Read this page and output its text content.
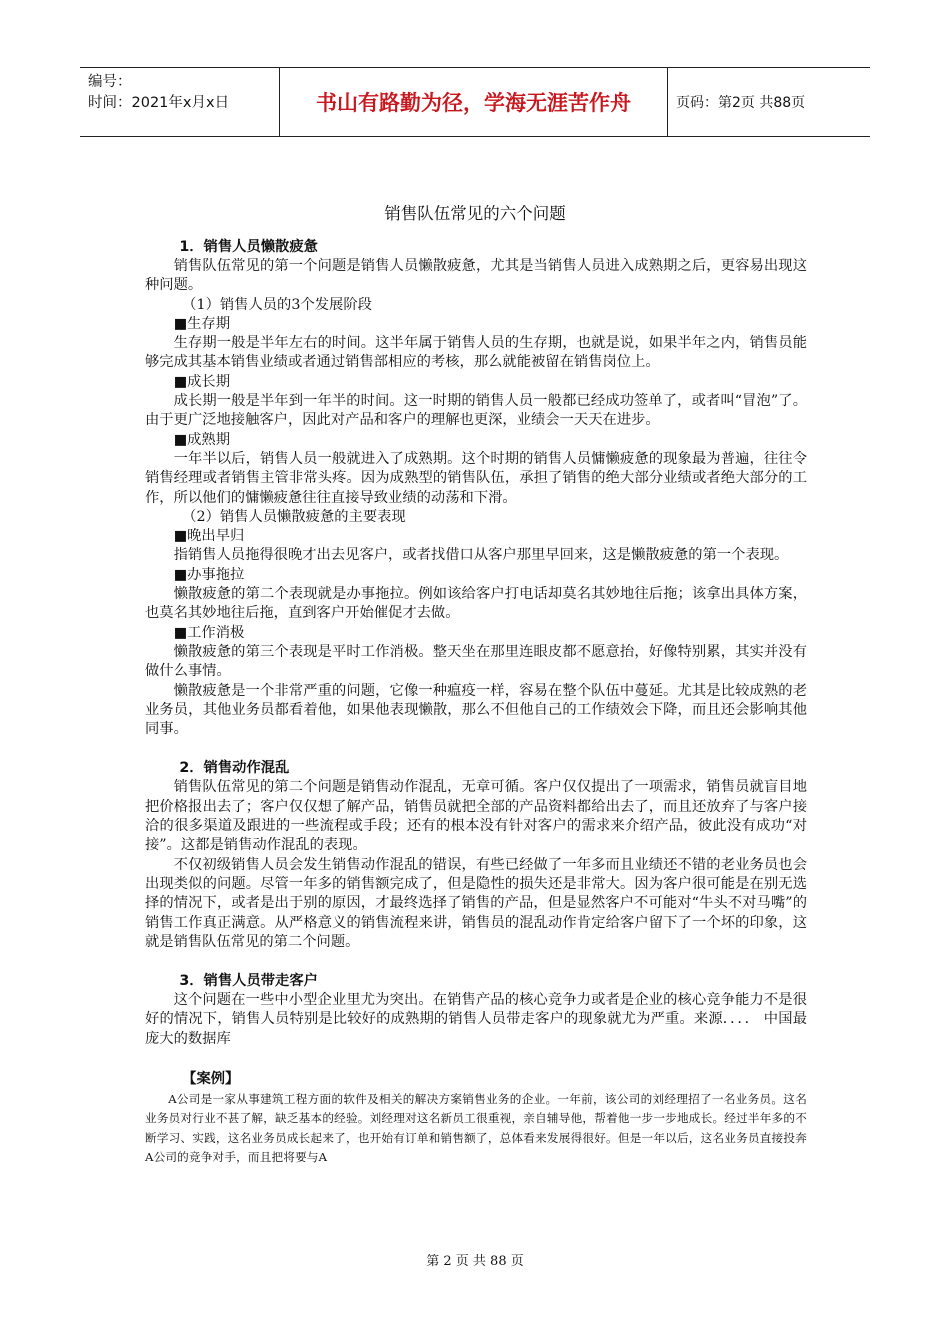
编号：
时间：2021年x月x日	书山有路勤为径，学海无涯苦作舟	页码：第2页 共88页
销售队伍常见的六个问题
1．销售人员懒散疲惫

销售队伍常见的第一个问题是销售人员懒散疲惫，尤其是当销售人员进入成熟期之后，更容易出现这种问题。

（1）销售人员的3个发展阶段

■生存期

生存期一般是半年左右的时间。这半年属于销售人员的生存期，也就是说，如果半年之内，销售员能够完成其基本销售业绩或者通过销售部相应的考核，那么就能被留在销售岗位上。

■成长期

成长期一般是半年到一年半的时间。这一时期的销售人员一般都已经成功签单了，或者叫“冒泡”了。由于更广泛地接触客户，因此对产品和客户的理解也更深，业绩会一天天在进步。

■成熟期

一年半以后，销售人员一般就进入了成熟期。这个时期的销售人员慵懒疲惫的现象最为普遍，往往令销售经理或者销售主管非常头疼。因为成熟型的销售队伍，承担了销售的绝大部分业绩或者绝大部分的工作，所以他们的慵懒疲惫往往直接导致业绩的动荡和下滑。

（2）销售人员懒散疲惫的主要表现

■晚出早归

指销售人员拖得很晚才出去见客户，或者找借口从客户那里早回来，这是懒散疲惫的第一个表现。

■办事拖拉

懒散疲惫的第二个表现就是办事拖拉。例如该给客户打电话却莫名其妙地往后拖；该拿出具体方案，也莫名其妙地往后拖，直到客户开始催促才去做。

■工作消极

懒散疲惫的第三个表现是平时工作消极。整天坐在那里连眼皮都不愿意抬，好像特别累，其实并没有做什么事情。

懒散疲惫是一个非常严重的问题，它像一种瘟疫一样，容易在整个队伍中蔓延。尤其是比较成熟的老业务员，其他业务员都看着他，如果他表现懒散，那么不但他自己的工作绩效会下降，而且还会影响其他同事。

2．销售动作混乱

销售队伍常见的第二个问题是销售动作混乱，无章可循。客户仅仅提出了一项需求，销售员就盲目地把价格报出去了；客户仅仅想了解产品，销售员就把全部的产品资料都给出去了，而且还放弃了与客户接洽的很多渠道及跟进的一些流程或手段；还有的根本没有针对客户的需求来介绍产品，彼此没有成功“对接”。这都是销售动作混乱的表现。

不仅初级销售人员会发生销售动作混乱的错误，有些已经做了一年多而且业绩还不错的老业务员也会出现类似的问题。尽管一年多的销售额完成了，但是隐性的损失还是非常大。因为客户很可能是在别无选择的情况下，或者是出于别的原因，才最终选择了销售的产品，但是显然客户不可能对“牛头不对马嘴”的销售工作真正满意。从严格意义的销售流程来讲，销售员的混乱动作肯定给客户留下了一个坏的印象，这就是销售队伍常见的第二个问题。

3．销售人员带走客户

这个问题在一些中小型企业里尤为突出。在销售产品的核心竞争力或者是企业的核心竞争能力不是很好的情况下，销售人员特别是比较好的成熟期的销售人员带走客户的现象就尤为严重。来源．．．． 中国最庞大的数据库

【案例】

A公司是一家从事建筑工程方面的软件及相关的解决方案销售业务的企业。一年前，该公司的刘经理招了一名业务员。这名业务员对行业不甚了解，缺乏基本的经验。刘经理对这名新员工很重视，亲自辅导他，帮着他一步一步地成长。经过半年多的不断学习、实践，这名业务员成长起来了，也开始有订单和销售额了，总体看来发展得很好。但是一年以后，这名业务员直接投奔A公司的竞争对手，而且把将要与A

第 2 页 共 88 页
